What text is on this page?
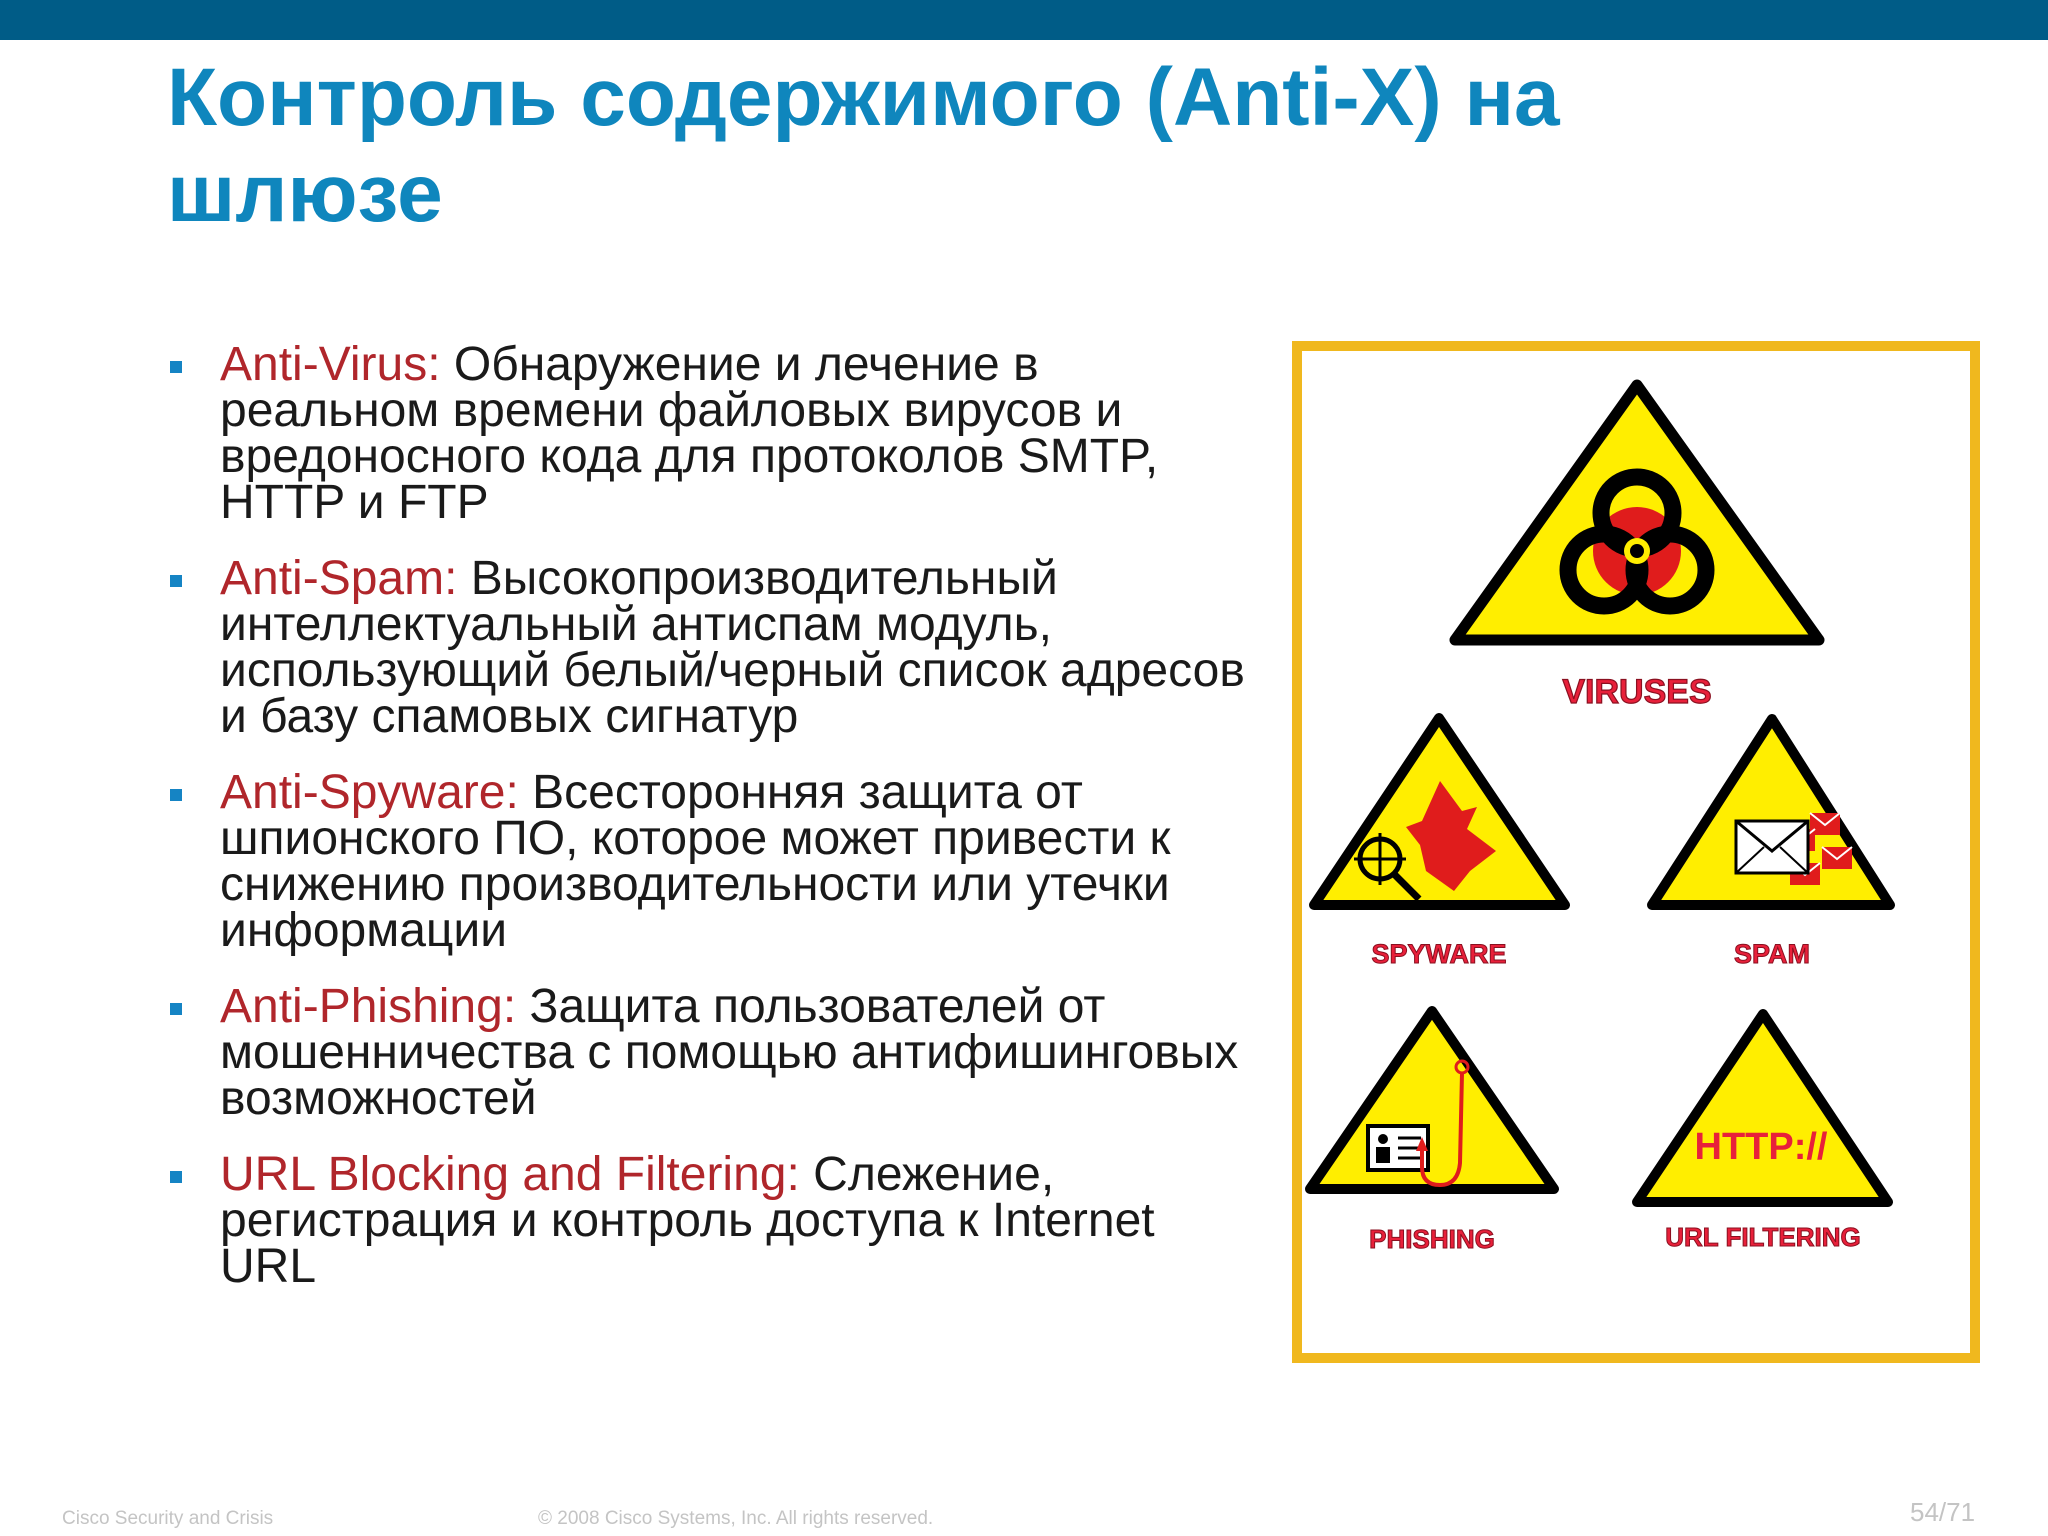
Контроль содержимого (Anti-X) на шлюзе
Anti-Virus: Обнаружение и лечение в реальном времени файловых вирусов и вредоносного кода для протоколов SMTP, HTTP и FTP
Anti-Spam: Высокопроизводительный интеллектуальный антиспам модуль, использующий белый/черный список адресов и базу спамовых сигнатур
Anti-Spyware: Всесторонняя защита от шпионского ПО, которое может привести к снижению производительности или утечки информации
Anti-Phishing: Защита пользователей от мошенничества с помощью антифишинговых возможностей
URL Blocking and Filtering: Слежение, регистрация и контроль доступа к Internet URL
VIRUSES
SPYWARE	SPAM
PHISHING
HTTP://
URL FILTERING
Cisco Security and Crisis	© 2008 Cisco Systems, Inc. All rights reserved.	54/71
